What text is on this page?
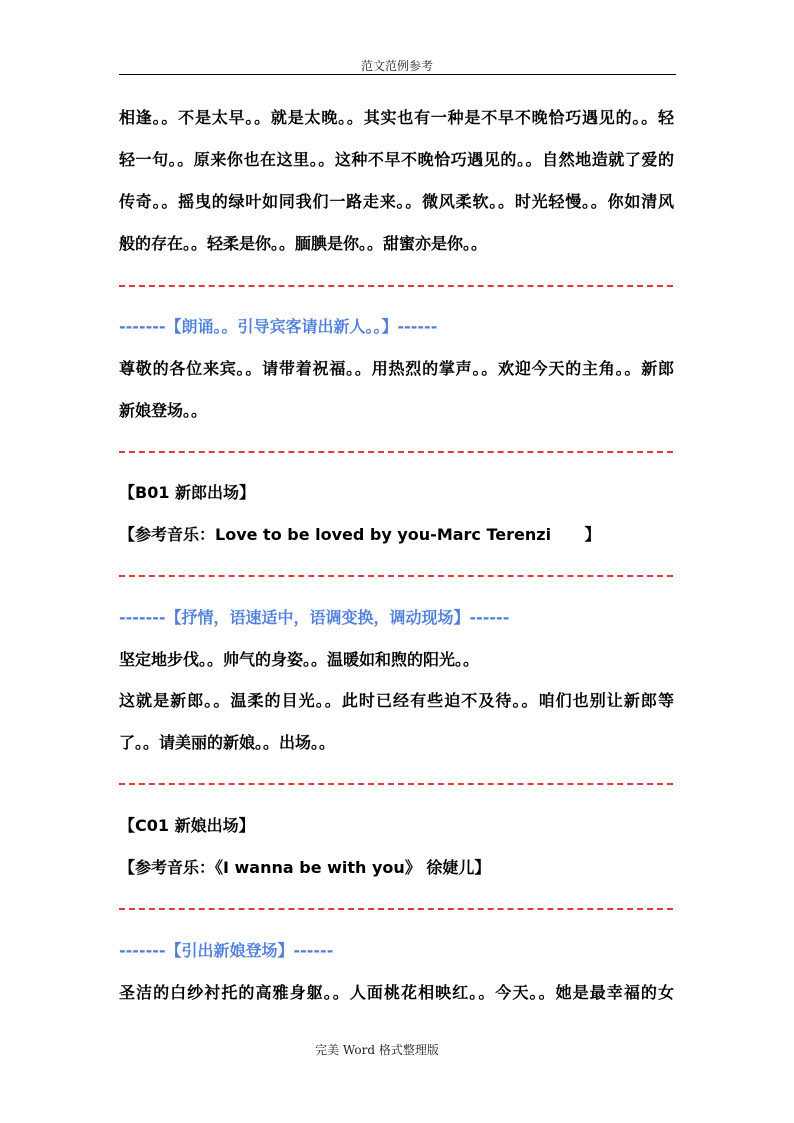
范文范例参考
相逢。。不是太早。。就是太晚。。其实也有一种是不早不晚恰巧遇见的。。轻
轻一句。。原来你也在这里。。这种不早不晚恰巧遇见的。。自然地造就了爱的
传奇。。摇曳的绿叶如同我们一路走来。。微风柔软。。时光轻慢。。你如清风
般的存在。。轻柔是你。。腼腆是你。。甜蜜亦是你。。
-------【朗诵。。引导宾客请出新人。。】------
尊敬的各位来宾。。请带着祝福。。用热烈的掌声。。欢迎今天的主角。。新郎
新娘登场。。
【B01 新郎出场】
【参考音乐：Love to be loved by you-Marc Terenzi      】
-------【抒情，语速适中，语调变换，调动现场】------
坚定地步伐。。帅气的身姿。。温暖如和煦的阳光。。
这就是新郎。。温柔的目光。。此时已经有些迫不及待。。咱们也别让新郎等
了。。请美丽的新娘。。出场。。
【C01 新娘出场】
【参考音乐：《I wanna be with you》 徐婕儿】
-------【引出新娘登场】------
圣洁的白纱衬托的高雅身躯。。人面桃花相映红。。今天。。她是最幸福的女
完美 Word 格式整理版
